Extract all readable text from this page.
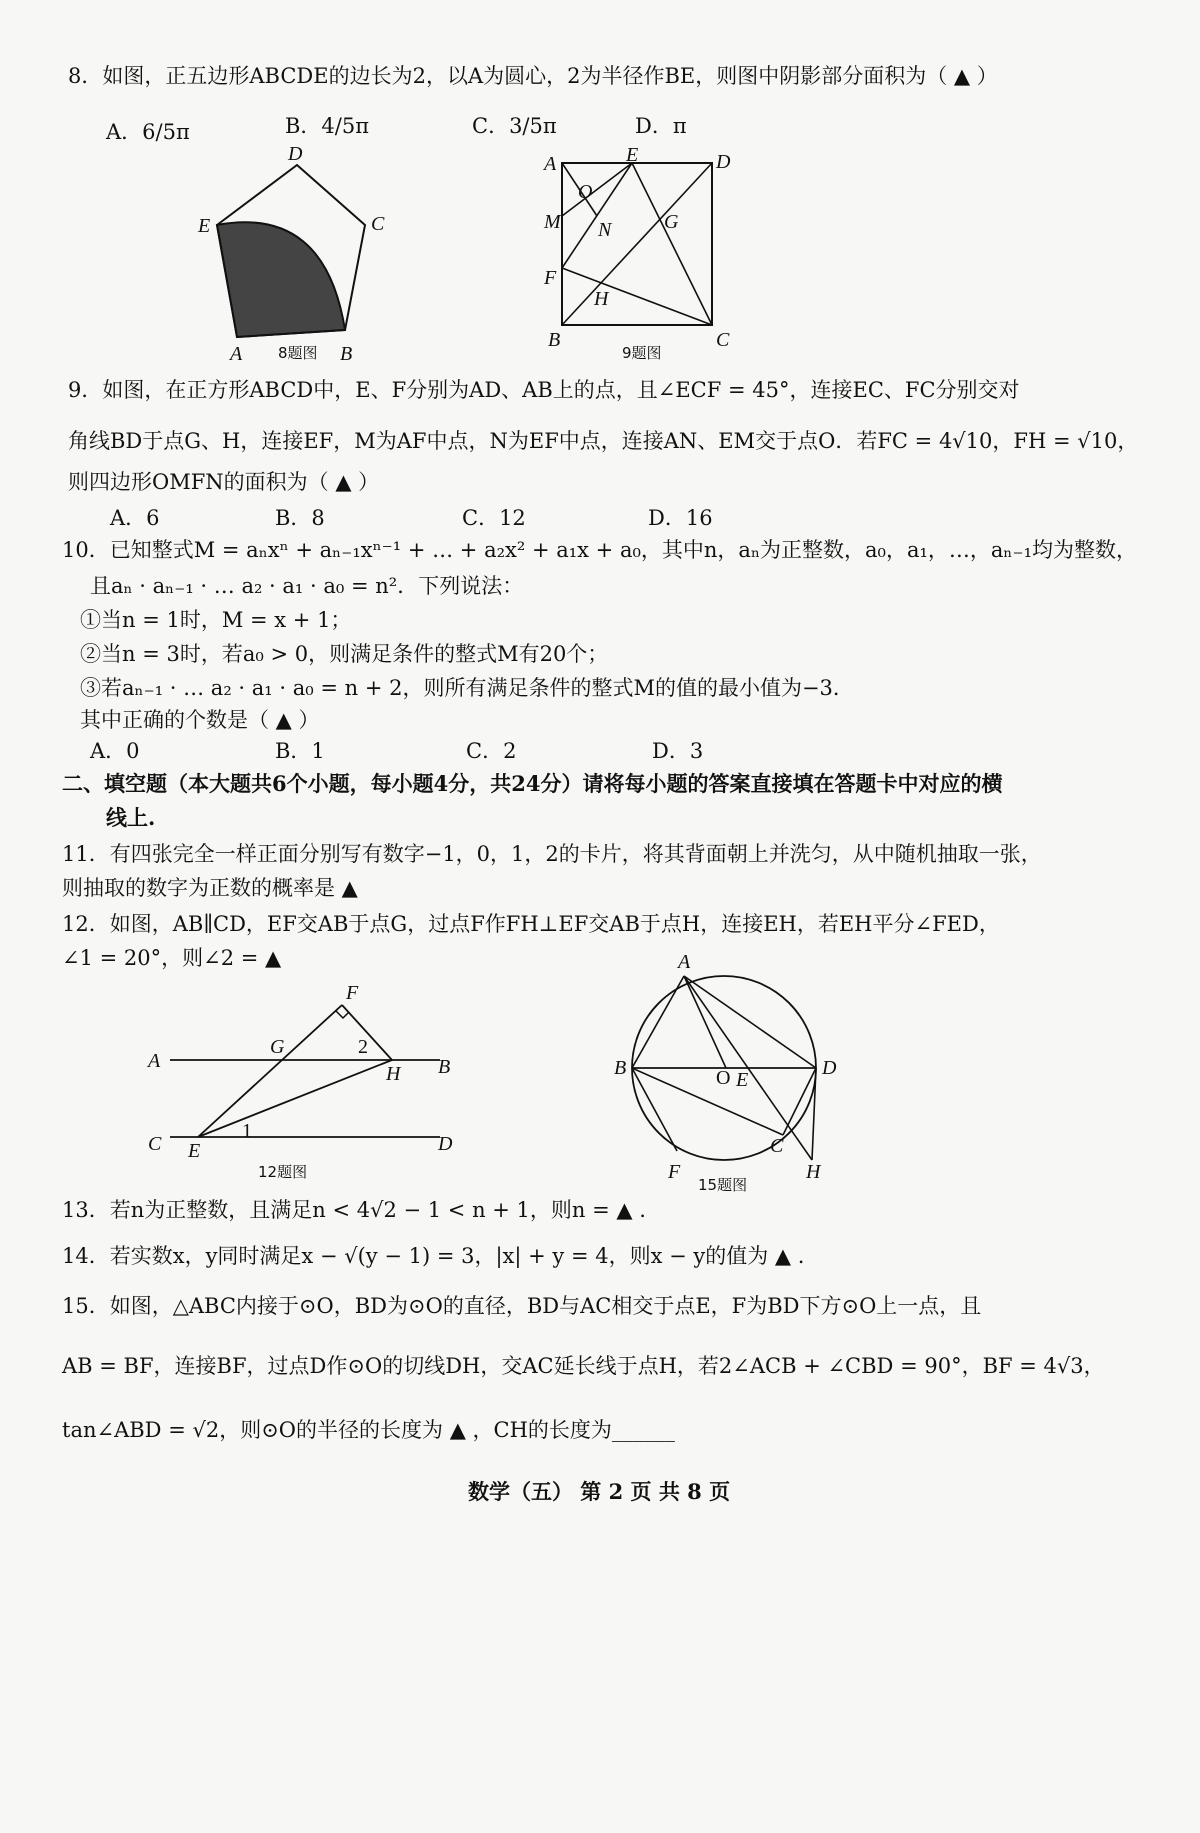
8．如图，正五边形ABCDE的边长为2，以A为圆心，2为半径作BE，则图中阴影部分面积为（ ▲ ）
A．6/5π	B．4/5π	C．3/5π	D．π
A	B
C
D
E
8题图
A	E	D
O
M N	G
F
H
B	C
9题图
9．如图，在正方形ABCD中，E、F分别为AD、AB上的点，且∠ECF = 45°，连接EC、FC分别交对
角线BD于点G、H，连接EF，M为AF中点，N为EF中点，连接AN、EM交于点O．若FC = 4√10，FH = √10，
则四边形OMFN的面积为（ ▲ ）
A．6	B．8	C．12	D．16
10．已知整式M = aₙxⁿ + aₙ₋₁xⁿ⁻¹ + … + a₂x² + a₁x + a₀，其中n，aₙ为正整数，a₀，a₁，…，aₙ₋₁均为整数，
且aₙ · aₙ₋₁ · … a₂ · a₁ · a₀ = n²．下列说法：
①当n = 1时，M = x + 1；
②当n = 3时，若a₀ > 0，则满足条件的整式M有20个；
③若aₙ₋₁ · … a₂ · a₁ · a₀ = n + 2，则所有满足条件的整式M的值的最小值为−3．
其中正确的个数是（ ▲ ）
A．0	B．1	C．2	D．3
二、填空题（本大题共6个小题，每小题4分，共24分）请将每小题的答案直接填在答题卡中对应的横
线上.
11．有四张完全一样正面分别写有数字−1，0，1，2的卡片，将其背面朝上并洗匀，从中随机抽取一张，
则抽取的数字为正数的概率是 ▲
12．如图，AB∥CD，EF交AB于点G，过点F作FH⊥EF交AB于点H，连接EH，若EH平分∠FED，
∠1 = 20°，则∠2 = ▲
F
A
G	2
H B
C E
1
D
12题图
A
B	O E
D
C
F	H
15题图
13．若n为正整数，且满足n < 4√2 − 1 < n + 1，则n = ▲ .
14．若实数x，y同时满足x − √(y − 1) = 3，|x| + y = 4，则x − y的值为 ▲ .
15．如图，△ABC内接于⊙O，BD为⊙O的直径，BD与AC相交于点E，F为BD下方⊙O上一点，且
AB = BF，连接BF，过点D作⊙O的切线DH，交AC延长线于点H，若2∠ACB + ∠CBD = 90°，BF = 4√3，
tan∠ABD = √2，则⊙O的半径的长度为 ▲ ，CH的长度为______
数学（五） 第 2 页 共 8 页
